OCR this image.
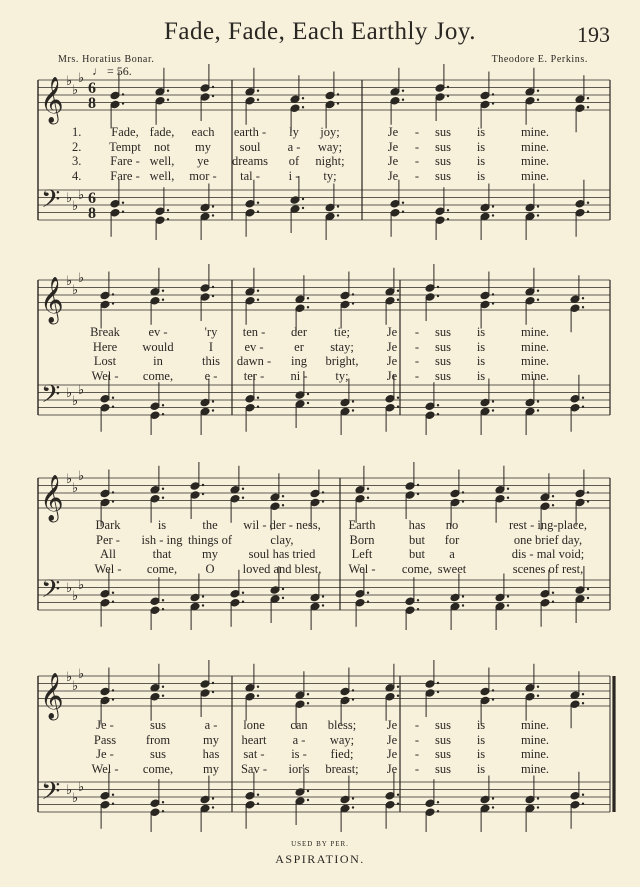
Fade, Fade, Each Earthly Joy.	193
Mrs. Horatius Bonar.	Theodore E. Perkins.
♩ = 56.
𝄞 ♭
♭
♭
6
8
𝄢 ♭
♭
♭ 6
8
𝄞 ♭
♭
♭
𝄢 ♭
♭
♭
𝄞 ♭
♭
♭
𝄢 ♭
♭
♭
𝄞 ♭
♭
♭
𝄢 ♭
♭
♭
1. Fade, fade, each earth - ly joy;	Je - sus is	mine.
2. Tempt not my soul a - way;	Je - sus is	mine.
3. Fare - well, ye dreams of night;	Je - sus is	mine.
4. Fare - well, mor - tal - i - ty;	Je - sus is	mine.
Break ev -	'ry ten - der tie;	Je - sus is	mine.
Here would	I	ev - er stay;	Je - sus is	mine.
Lost	in	this dawn - ing bright, Je - sus is	mine.
Wel - come,	e - ter - ni - ty;	Je - sus is	mine.
Dark	is	the wil - der - ness, Earth	has no	rest - ing-place,
Per - ish - ing things of	clay,	Born	but for	one brief day,
All	that my soul has tried	Left	but a	dis - mal void;
Wel - come, O loved and blest, Wel - come, sweet	scenes of rest,
Je -	sus	a - lone can bless; Je - sus is	mine.
Pass from	my heart a - way;	Je - sus is	mine.
Je -	sus	has sat - is - fied;	Je - sus is	mine.
Wel - come, my Sav - ior's breast; Je - sus is	mine.
USED BY PER.
ASPIRATION.
